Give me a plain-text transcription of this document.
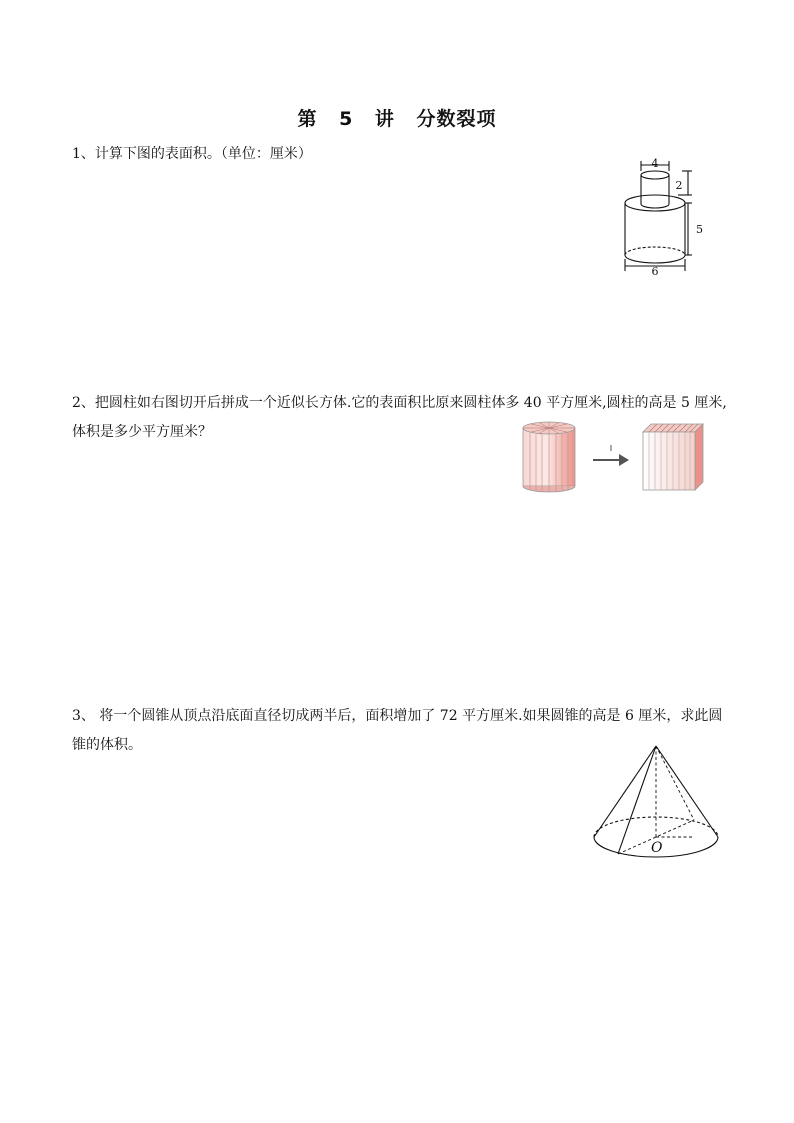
第 5 讲 分数裂项
1、计算下图的表面积。（单位：厘米）
4
2
5
6
2、把圆柱如右图切开后拼成一个近似长方体.它的表面积比原来圆柱体多 40 平方厘米,圆柱的高是 5 厘米,体积是多少平方厘米？
3、 将一个圆锥从顶点沿底面直径切成两半后，面积增加了 72 平方厘米.如果圆锥的高是 6 厘米，求此圆锥的体积。
O
